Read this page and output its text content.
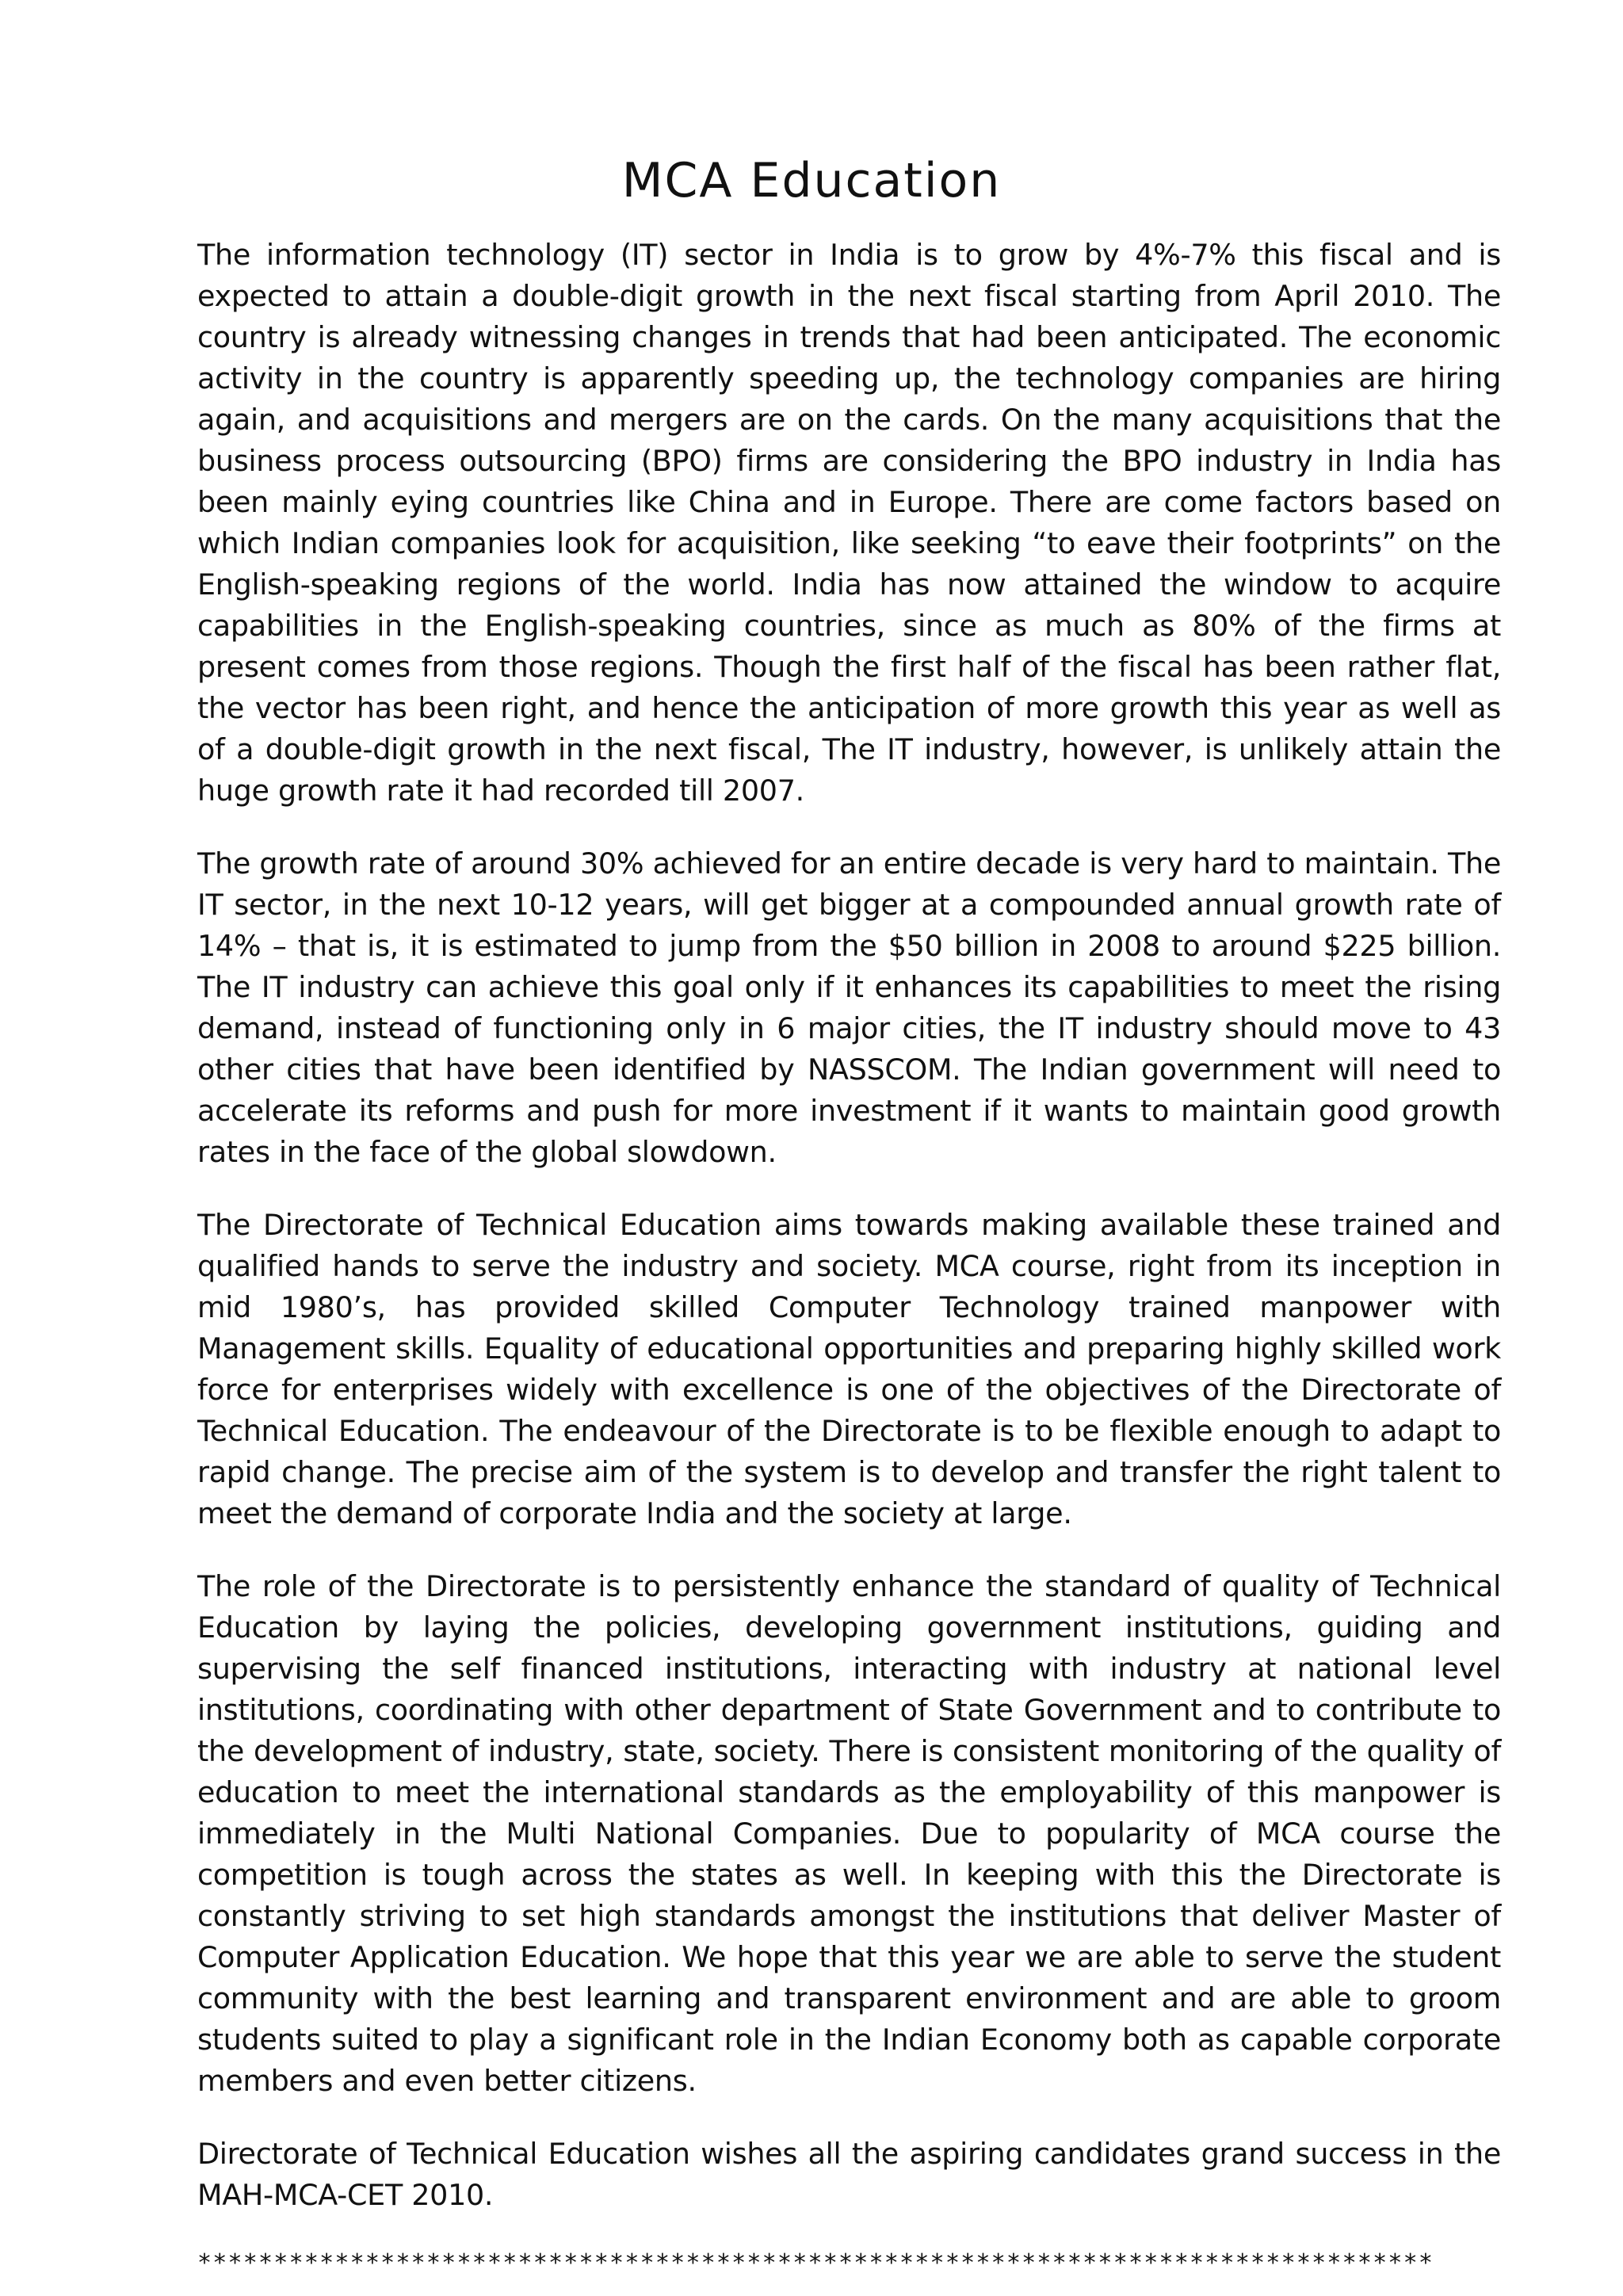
MCA Education

The information technology (IT) sector in India is to grow by 4%-7% this fiscal and is expected to attain a double-digit growth in the next fiscal starting from April 2010. The country is already witnessing changes in trends that had been anticipated. The economic activity in the country is apparently speeding up, the technology companies are hiring again, and acquisitions and mergers are on the cards. On the many acquisitions that the business process outsourcing (BPO) firms are considering the BPO industry in India has been mainly eying countries like China and in Europe. There are come factors based on which Indian companies look for acquisition, like seeking “to eave their footprints” on the English-speaking regions of the world. India has now attained the window to acquire capabilities in the English-speaking countries, since as much as 80% of the firms at present comes from those regions. Though the first half of the fiscal has been rather flat, the vector has been right, and hence the anticipation of more growth this year as well as of a double-digit growth in the next fiscal, The IT industry, however, is unlikely attain the huge growth rate it had recorded till 2007.

The growth rate of around 30% achieved for an entire decade is very hard to maintain. The IT sector, in the next 10-12 years, will get bigger at a compounded annual growth rate of 14% – that is, it is estimated to jump from the $50 billion in 2008 to around $225 billion. The IT industry can achieve this goal only if it enhances its capabilities to meet the rising demand, instead of functioning only in 6 major cities, the IT industry should move to 43 other cities that have been identified by NASSCOM. The Indian government will need to accelerate its reforms and push for more investment if it wants to maintain good growth rates in the face of the global slowdown.

The Directorate of Technical Education aims towards making available these trained and qualified hands to serve the industry and society. MCA course, right from its inception in mid 1980’s, has provided skilled Computer Technology trained manpower with Management skills. Equality of educational opportunities and preparing highly skilled work force for enterprises widely with excellence is one of the objectives of the Directorate of Technical Education. The endeavour of the Directorate is to be flexible enough to adapt to rapid change. The precise aim of the system is to develop and transfer the right talent to meet the demand of corporate India and the society at large.

The role of the Directorate is to persistently enhance the standard of quality of Technical Education by laying the policies, developing government institutions, guiding and supervising the self financed institutions, interacting with industry at national level institutions, coordinating with other department of State Government and to contribute to the development of industry, state, society. There is consistent monitoring of the quality of education to meet the international standards as the employability of this manpower is immediately in the Multi National Companies. Due to popularity of MCA course the competition is tough across the states as well. In keeping with this the Directorate is constantly striving to set high standards amongst the institutions that deliver Master of Computer Application Education. We hope that this year we are able to serve the student community with the best learning and transparent environment and are able to groom students suited to play a significant role in the Indian Economy both as capable corporate members and even better citizens.

Directorate of Technical Education wishes all the aspiring candidates grand success in the MAH-MCA-CET 2010.

*********************************************************************************
